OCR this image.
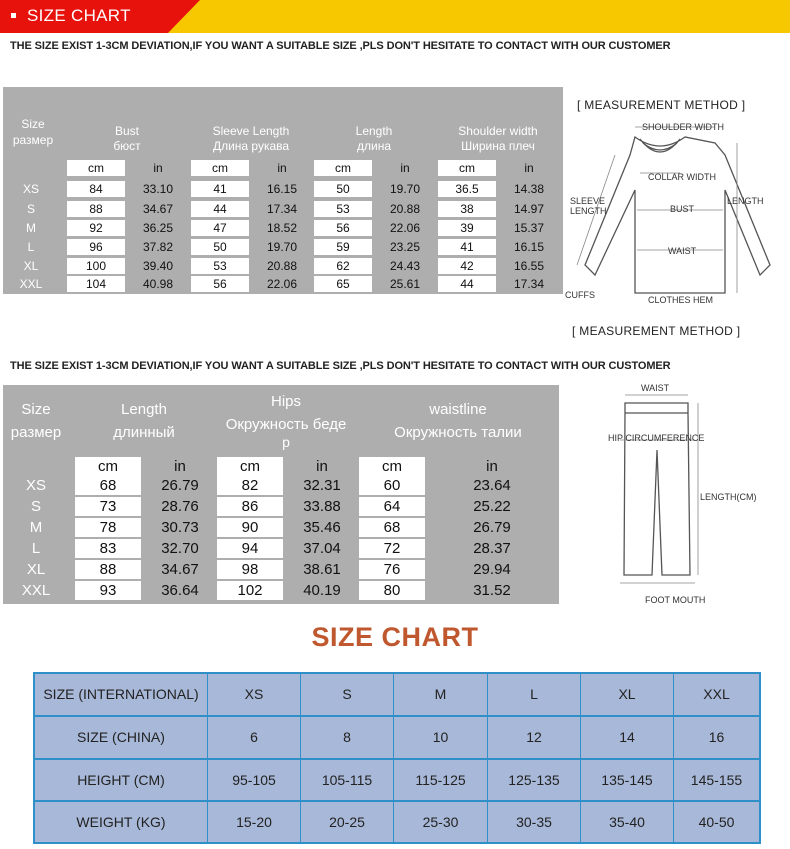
SIZE CHART
THE SIZE EXIST 1-3CM DEVIATION,IF YOU WANT A SUITABLE SIZE ,PLS DON'T HESITATE TO CONTACT WITH OUR CUSTOMER
Size
размер
Bust
бюст
Sleeve Length
Длина рукава
Length
длина
Shoulder width
Ширина плеч
cm	in	cm	in	cm	in	cm	in
XS	84	33.10	41	16.15	50	19.70	36.5	14.38
S	88	34.67	44	17.34	53	20.88	38	14.97
M	92	36.25	47	18.52	56	22.06	39	15.37
L	96	37.82	50	19.70	59	23.25	41	16.15
XL	100	39.40	53	20.88	62	24.43	42	16.55
XXL	104	40.98	56	22.06	65	25.61	44	17.34
[ MEASUREMENT METHOD ]
SHOULDER WIDTH
COLLAR WIDTH
SLEEVE
LENGTH	BUST
LENGTH
WAIST
CUFFS	CLOTHES HEM
[ MEASUREMENT METHOD ]
THE SIZE EXIST 1-3CM DEVIATION,IF YOU WANT A SUITABLE SIZE ,PLS DON'T HESITATE TO CONTACT WITH OUR CUSTOMER
Size
размер
Length
длинный
Hips
Окружность беде
р
waistline
Окружность талии
cm	in	cm	in	cm	in
XS	68	26.79	82	32.31	60	23.64
S	73	28.76	86	33.88	64	25.22
M	78	30.73	90	35.46	68	26.79
L	83	32.70	94	37.04	72	28.37
XL	88	34.67	98	38.61	76	29.94
XXL	93	36.64	102	40.19	80	31.52
WAIST
HIP CIRCUMFERENCE
LENGTH(CM)
FOOT MOUTH
SIZE CHART
SIZE (INTERNATIONAL)	XS	S	M	L	XL	XXL
SIZE (CHINA)	6	8	10	12	14	16
HEIGHT (CM)	95-105	105-115	115-125	125-135	135-145	145-155
WEIGHT (KG)	15-20	20-25	25-30	30-35	35-40	40-50
